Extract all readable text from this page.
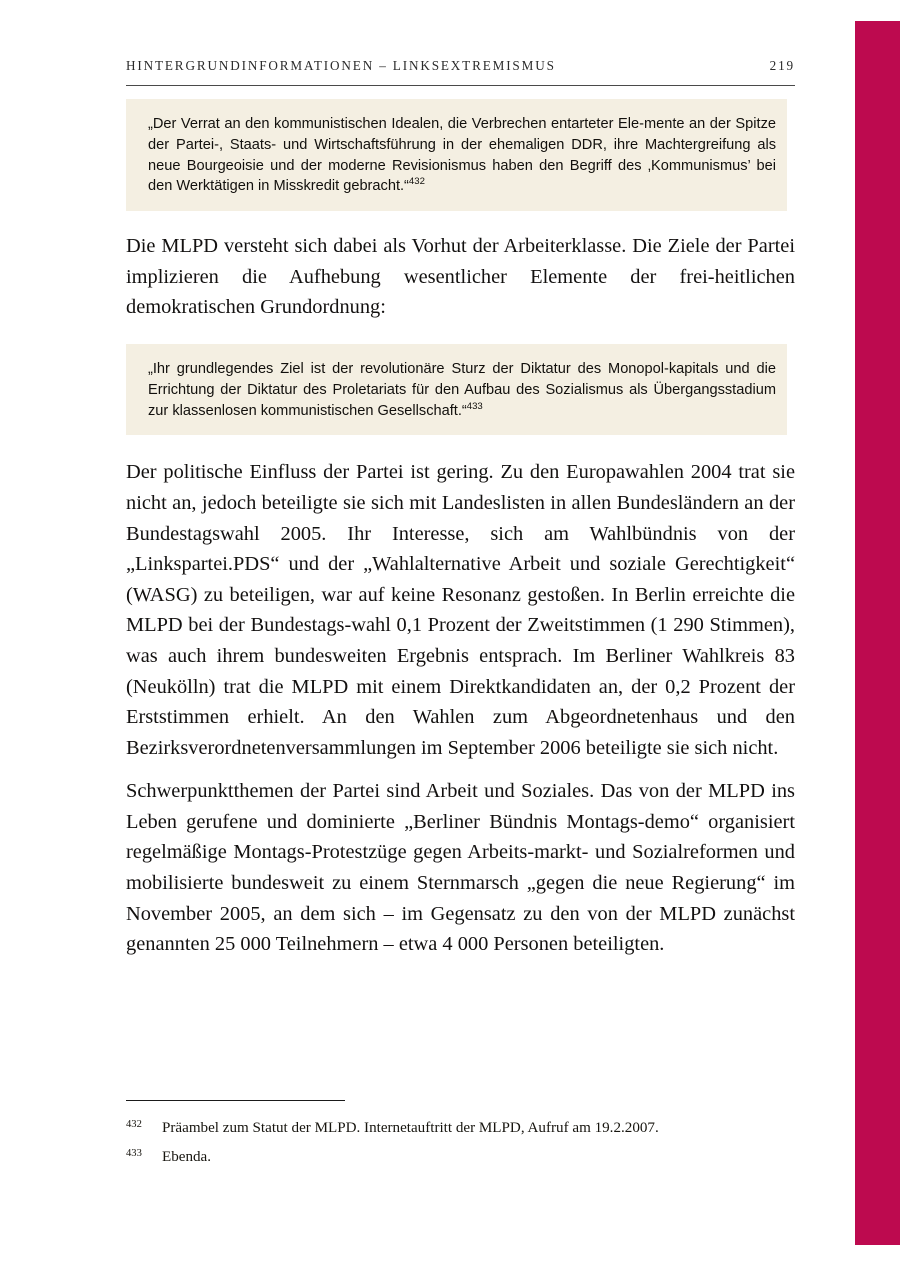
HINTERGRUNDINFORMATIONEN – LINKSEXTREMISMUS	219

„Der Verrat an den kommunistischen Idealen, die Verbrechen entarteter Ele-mente an der Spitze der Partei-, Staats- und Wirtschaftsführung in der ehemaligen DDR, ihre Machtergreifung als neue Bourgeoisie und der moderne Revisionismus haben den Begriff des ‚Kommunismus’ bei den Werktätigen in Misskredit gebracht.“$^{432}$

Die MLPD versteht sich dabei als Vorhut der Arbeiterklasse. Die Ziele der Partei implizieren die Aufhebung wesentlicher Elemente der frei-heitlichen demokratischen Grundordnung:

„Ihr grundlegendes Ziel ist der revolutionäre Sturz der Diktatur des Monopol-kapitals und die Errichtung der Diktatur des Proletariats für den Aufbau des Sozialismus als Übergangsstadium zur klassenlosen kommunistischen Gesellschaft.“$^{433}$

Der politische Einfluss der Partei ist gering. Zu den Europawahlen 2004 trat sie nicht an, jedoch beteiligte sie sich mit Landeslisten in allen Bundesländern an der Bundestagswahl 2005. Ihr Interesse, sich am Wahlbündnis von der „Linkspartei.PDS“ und der „Wahlalternative Arbeit und soziale Gerechtigkeit“ (WASG) zu beteiligen, war auf keine Resonanz gestoßen. In Berlin erreichte die MLPD bei der Bundestags-wahl 0,1 Prozent der Zweitstimmen (1 290 Stimmen), was auch ihrem bundesweiten Ergebnis entsprach. Im Berliner Wahlkreis 83 (Neukölln) trat die MLPD mit einem Direktkandidaten an, der 0,2 Prozent der Erststimmen erhielt. An den Wahlen zum Abgeordnetenhaus und den Bezirksverordnetenversammlungen im September 2006 beteiligte sie sich nicht.

Schwerpunktthemen der Partei sind Arbeit und Soziales. Das von der MLPD ins Leben gerufene und dominierte „Berliner Bündnis Montags-demo“ organisiert regelmäßige Montags-Protestzüge gegen Arbeits-markt- und Sozialreformen und mobilisierte bundesweit zu einem Sternmarsch „gegen die neue Regierung“ im November 2005, an dem sich – im Gegensatz zu den von der MLPD zunächst genannten 25 000 Teilnehmern – etwa 4 000 Personen beteiligten.

432	Präambel zum Statut der MLPD. Internetauftritt der MLPD, Aufruf am 19.2.2007.
433	Ebenda.
